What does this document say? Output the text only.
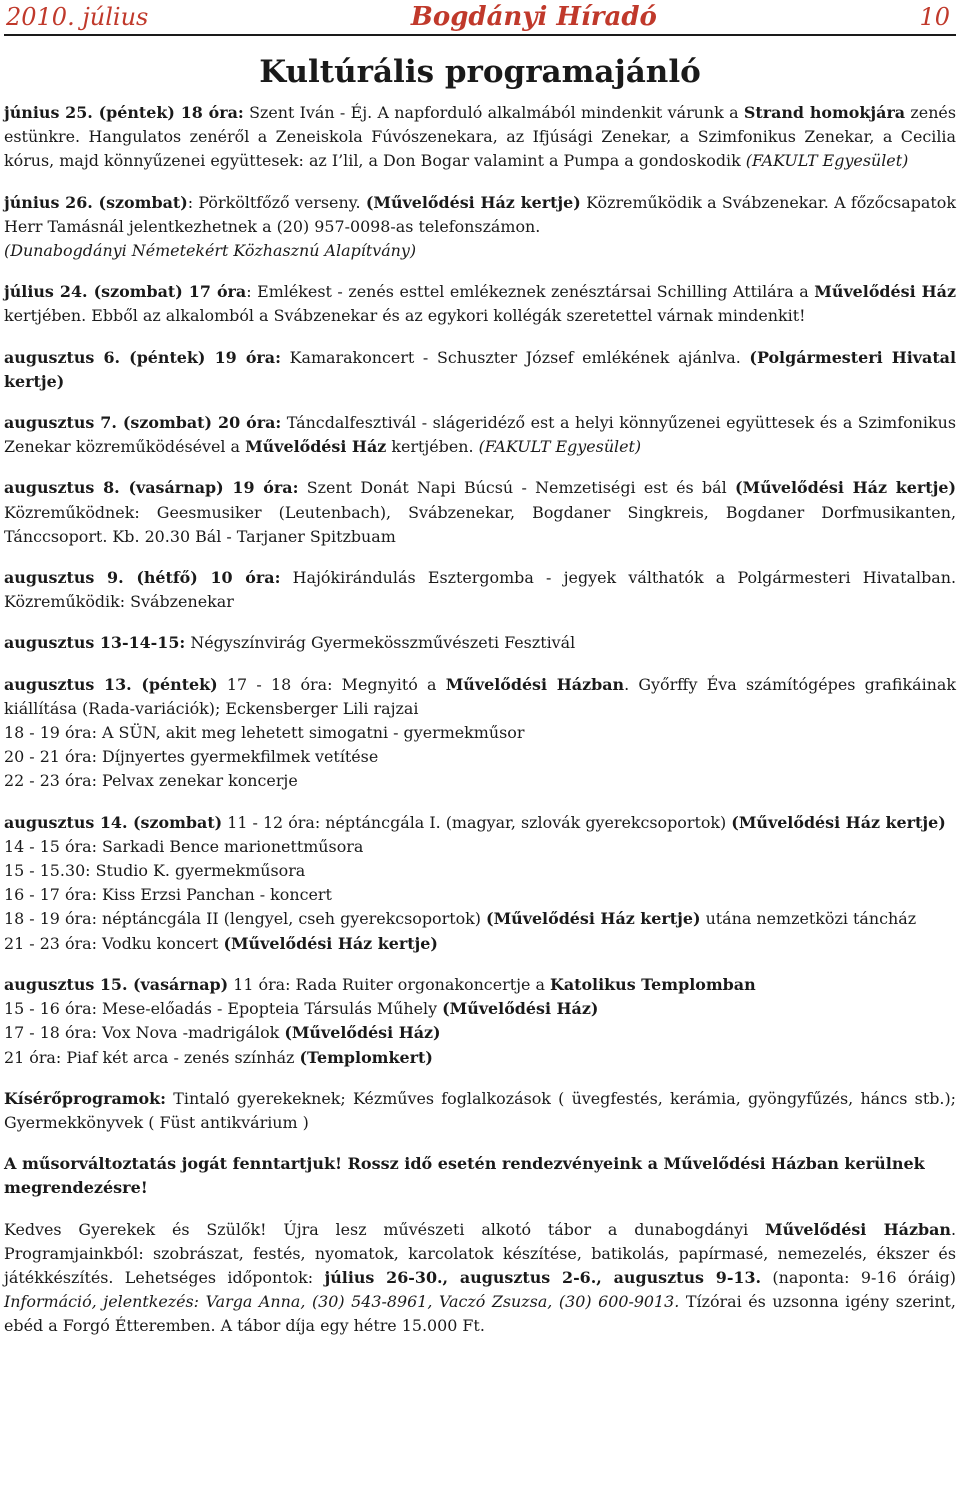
2010. július	Bogdányi Híradó	10
Kultúrális programajánló
június 25. (péntek) 18 óra: Szent Iván - Éj. A napforduló alkalmából mindenkit várunk a Strand homokjára zenés estünkre. Hangulatos zenéről a Zeneiskola Fúvószenekara, az Ifjúsági Zenekar, a Szimfonikus Zenekar, a Cecilia kórus, majd könnyűzenei együttesek: az I’lil, a Don Bogar valamint a Pumpa a gondoskodik (FAKULT Egyesület)
június 26. (szombat): Pörköltfőző verseny. (Művelődési Ház kertje) Közreműködik a Svábzenekar. A főzőcsapatok Herr Tamásnál jelentkezhetnek a (20) 957-0098-as telefonszámon.

(Dunabogdányi Németekért Közhasznú Alapítvány)

július 24. (szombat) 17 óra: Emlékest - zenés esttel emlékeznek zenésztársai Schilling Attilára a Művelődési Ház kertjében. Ebből az alkalomból a Svábzenekar és az egykori kollégák szeretettel várnak mindenkit!
augusztus 6. (péntek) 19 óra: Kamarakoncert - Schuszter József emlékének ajánlva. (Polgármesteri Hivatal kertje)
augusztus 7. (szombat) 20 óra: Táncdalfesztivál - slágeridéző est a helyi könnyűzenei együttesek és a Szimfonikus Zenekar közreműködésével a Művelődési Ház kertjében. (FAKULT Egyesület)
augusztus 8. (vasárnap) 19 óra: Szent Donát Napi Búcsú - Nemzetiségi est és bál (Művelődési Ház kertje) Közreműködnek: Geesmusiker (Leutenbach), Svábzenekar, Bogdaner Singkreis, Bogdaner Dorfmusikanten, Tánccsoport. Kb. 20.30 Bál - Tarjaner Spitzbuam
augusztus 9. (hétfő) 10 óra: Hajókirándulás Esztergomba - jegyek válthatók a Polgármesteri Hivatalban. Közreműködik: Svábzenekar
augusztus 13-14-15: Négyszínvirág Gyermekösszművészeti Fesztivál
augusztus 13. (péntek) 17 - 18 óra: Megnyitó a Művelődési Házban. Győrffy Éva számítógépes grafikáinak kiállítása (Rada-variációk); Eckensberger Lili rajzai

18 - 19 óra: A SÜN, akit meg lehetett simogatni - gyermekműsor

20 - 21 óra: Díjnyertes gyermekfilmek vetítése

22 - 23 óra: Pelvax zenekar koncerje

augusztus 14. (szombat) 11 - 12 óra: néptáncgála I. (magyar, szlovák gyerekcsoportok) (Művelődési Ház kertje)

14 - 15 óra: Sarkadi Bence marionettműsora

15 - 15.30: Studio K. gyermekműsora

16 - 17 óra: Kiss Erzsi Panchan - koncert

18 - 19 óra: néptáncgála II (lengyel, cseh gyerekcsoportok) (Művelődési Ház kertje) utána nemzetközi táncház

21 - 23 óra: Vodku koncert (Művelődési Ház kertje)

augusztus 15. (vasárnap) 11 óra: Rada Ruiter orgonakoncertje a Katolikus Templomban

15 - 16 óra: Mese-előadás - Epopteia Társulás Műhely (Művelődési Ház)

17 - 18 óra: Vox Nova -madrigálok (Művelődési Ház)

21 óra: Piaf két arca - zenés színház (Templomkert)

Kísérőprogramok: Tintaló gyerekeknek; Kézműves foglalkozások ( üvegfestés, kerámia, gyöngyfűzés, háncs stb.); Gyermekkönyvek ( Füst antikvárium )
A műsorváltoztatás jogát fenntartjuk! Rossz idő esetén rendezvényeink a Művelődési Házban kerülnek megrendezésre!
Kedves Gyerekek és Szülők! Újra lesz művészeti alkotó tábor a dunabogdányi Művelődési Házban. Programjainkból: szobrászat, festés, nyomatok, karcolatok készítése, batikolás, papírmasé, nemezelés, ékszer és játékkészítés. Lehetséges időpontok: július 26-30., augusztus 2-6., augusztus 9-13. (naponta: 9-16 óráig) Információ, jelentkezés: Varga Anna, (30) 543-8961, Vaczó Zsuzsa, (30) 600-9013. Tízórai és uzsonna igény szerint, ebéd a Forgó Étteremben. A tábor díja egy hétre 15.000 Ft.
